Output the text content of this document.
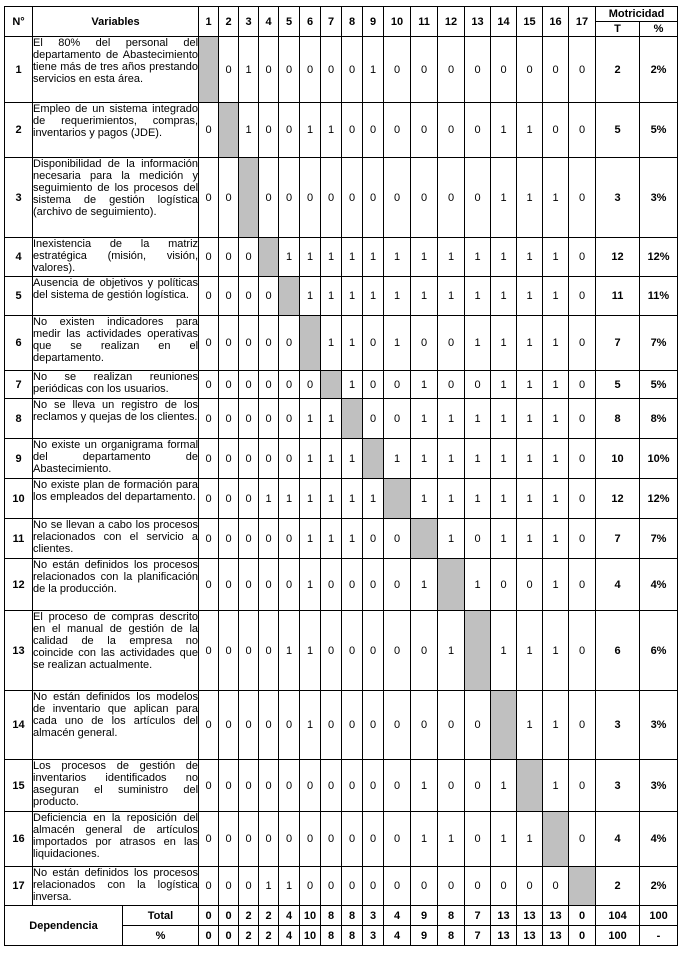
N°	Variables		1	2	3	4	5	6	7	8	9	10	11	12	13	14	15	16	17	Motricidad	
																				T	%
1	El 80% del personal del departamento de Abastecimiento tiene más de tres años prestando servicios en esta área.			0	1	0	0	0	0	0	1	0	0	0	0	0	0	0	0	2	2%
2	Empleo de un sistema integrado de requerimientos, compras, inventarios y pagos (JDE).		0		1	0	0	1	1	0	0	0	0	0	0	1	1	0	0	5	5%
3	Disponibilidad de la información necesaria para la medición y seguimiento de los procesos del sistema de gestión logística (archivo de seguimiento).		0	0		0	0	0	0	0	0	0	0	0	0	1	1	1	0	3	3%
4	Inexistencia de la matriz estratégica (misión, visión, valores).		0	0	0		1	1	1	1	1	1	1	1	1	1	1	1	0	12	12%
5	Ausencia de objetivos y políticas del sistema de gestión logística.		0	0	0	0		1	1	1	1	1	1	1	1	1	1	1	0	11	11%
6	No existen indicadores para medir las actividades operativas que se realizan en el departamento.		0	0	0	0	0		1	1	0	1	0	0	1	1	1	1	0	7	7%
7	No se realizan reuniones periódicas con los usuarios.		0	0	0	0	0	0		1	0	0	1	0	0	1	1	1	0	5	5%
8	No se lleva un registro de los reclamos y quejas de los clientes.		0	0	0	0	0	1	1		0	0	1	1	1	1	1	1	0	8	8%
9	No existe un organigrama formal del departamento de Abastecimiento.		0	0	0	0	0	1	1	1		1	1	1	1	1	1	1	0	10	10%
10	No existe plan de formación para los empleados del departamento.		0	0	0	1	1	1	1	1	1		1	1	1	1	1	1	0	12	12%
11	No se llevan a cabo los procesos relacionados con el servicio a clientes.		0	0	0	0	0	1	1	1	0	0		1	0	1	1	1	0	7	7%
12	No están definidos los procesos relacionados con la planificación de la producción.		0	0	0	0	0	1	0	0	0	0	1		1	0	0	1	0	4	4%
13	El proceso de compras descrito en el manual de gestión de la calidad de la empresa no coincide con las actividades que se realizan actualmente.		0	0	0	0	1	1	0	0	0	0	0	1		1	1	1	0	6	6%
14	No están definidos los modelos de inventario que aplican para cada uno de los artículos del almacén general.		0	0	0	0	0	1	0	0	0	0	0	0	0		1	1	0	3	3%
15	Los procesos de gestión de inventarios identificados no aseguran el suministro del producto.		0	0	0	0	0	0	0	0	0	0	1	0	0	1		1	0	3	3%
16	Deficiencia en la reposición del almacén general de artículos importados por atrasos en las liquidaciones.		0	0	0	0	0	0	0	0	0	0	1	1	0	1	1		0	4	4%
17	No están definidos los procesos relacionados con la logística inversa.		0	0	0	1	1	0	0	0	0	0	0	0	0	0	0	0		2	2%
Dependencia		Total	0	0	2	2	4	10	8	8	3	4	9	8	7	13	13	13	0	104	100
		%	0	0	2	2	4	10	8	8	3	4	9	8	7	13	13	13	0	100	-
